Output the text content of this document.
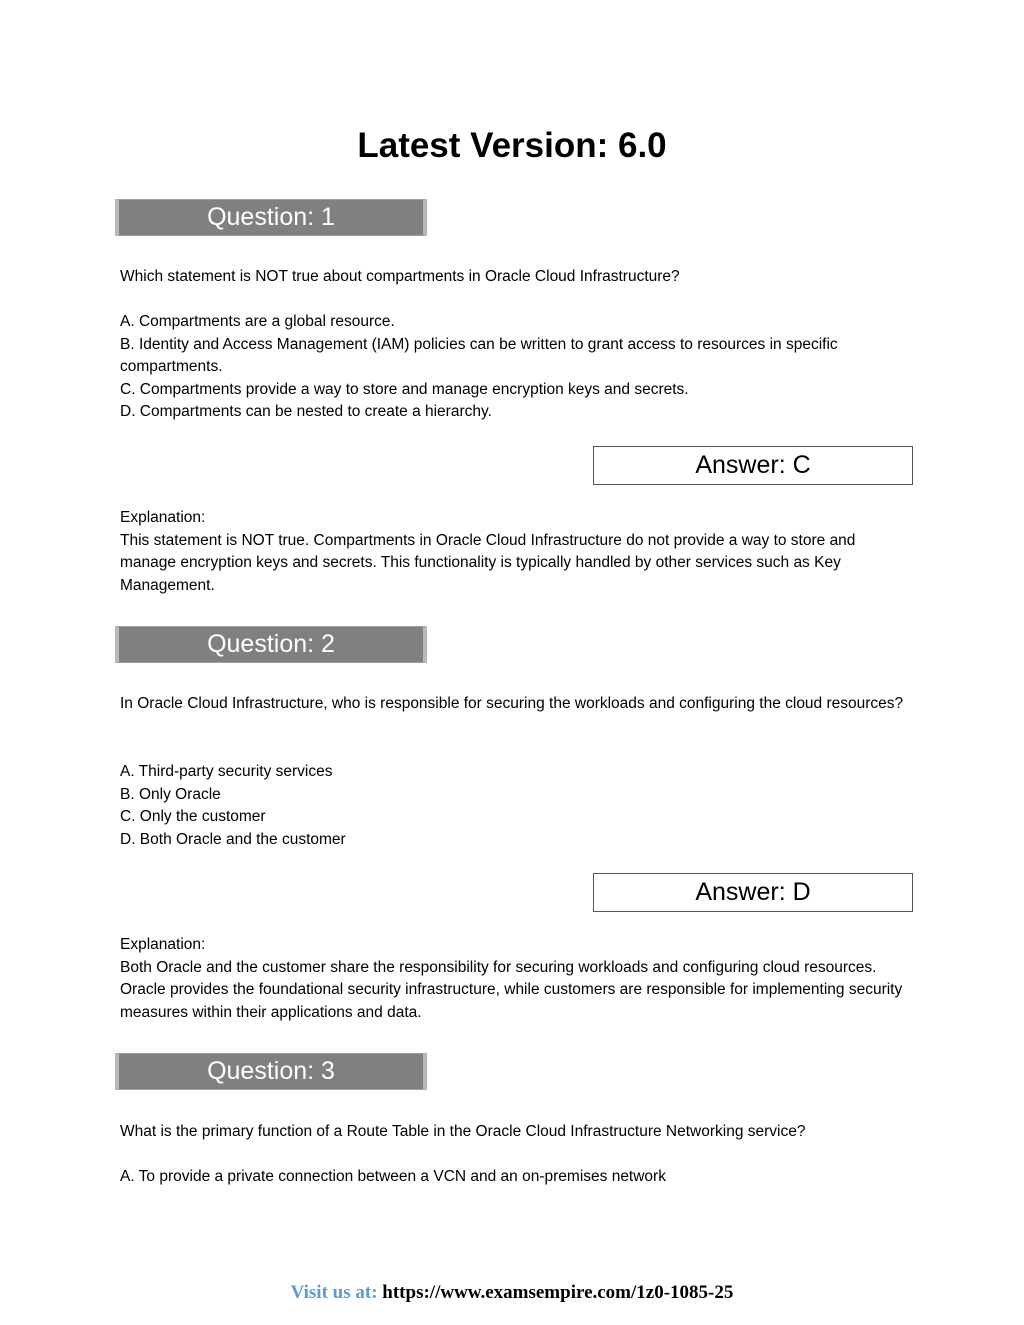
Latest Version: 6.0
Question: 1

Which statement is NOT true about compartments in Oracle Cloud Infrastructure?

A. Compartments are a global resource.

B. Identity and Access Management (IAM) policies can be written to grant access to resources in specific compartments.

C. Compartments provide a way to store and manage encryption keys and secrets.

D. Compartments can be nested to create a hierarchy.

Answer: C

Explanation:

This statement is NOT true. Compartments in Oracle Cloud Infrastructure do not provide a way to store and manage encryption keys and secrets. This functionality is typically handled by other services such as Key Management.

Question: 2

In Oracle Cloud Infrastructure, who is responsible for securing the workloads and configuring the cloud resources?

A. Third-party security services

B. Only Oracle

C. Only the customer

D. Both Oracle and the customer

Answer: D

Explanation:

Both Oracle and the customer share the responsibility for securing workloads and configuring cloud resources. Oracle provides the foundational security infrastructure, while customers are responsible for implementing security measures within their applications and data.

Question: 3

What is the primary function of a Route Table in the Oracle Cloud Infrastructure Networking service?

A. To provide a private connection between a VCN and an on-premises network

Visit us at: https://www.examsempire.com/1z0-1085-25
